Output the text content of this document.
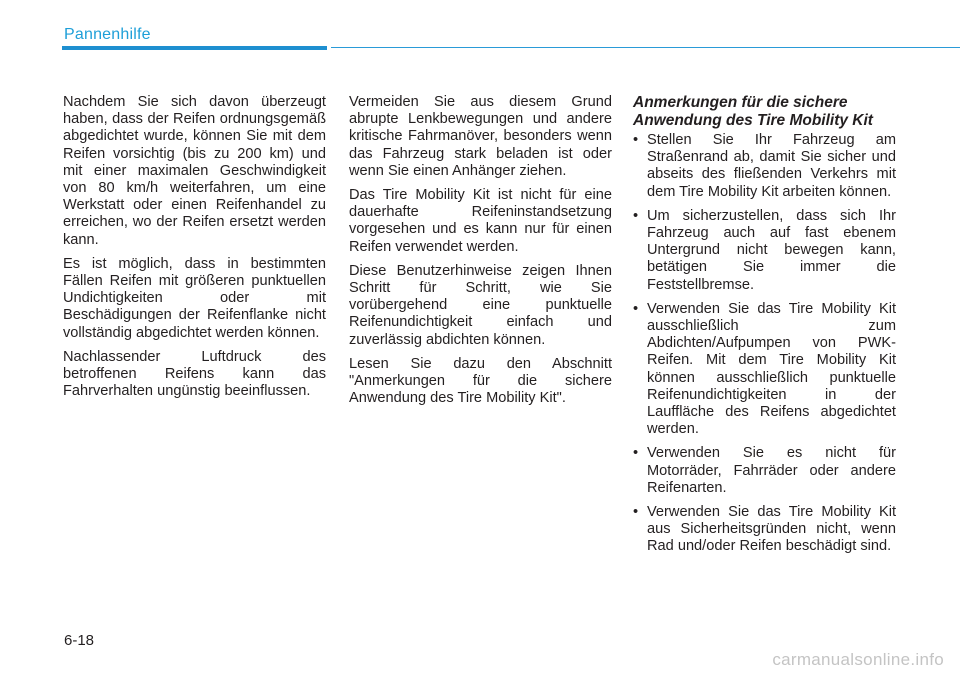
Pannenhilfe

Nachdem Sie sich davon überzeugt haben, dass der Reifen ordnungsgemäß abgedichtet wurde, können Sie mit dem Reifen vorsichtig (bis zu 200 km) und mit einer maximalen Geschwindigkeit von 80 km/h weiterfahren, um eine Werkstatt oder einen Reifenhandel zu erreichen, wo der Reifen ersetzt werden kann.

Es ist möglich, dass in bestimmten Fällen Reifen mit größeren punktuellen Undichtigkeiten oder mit Beschädigungen der Reifenflanke nicht vollständig abgedichtet werden können.

Nachlassender Luftdruck des betroffenen Reifens kann das Fahrverhalten ungünstig beeinflussen.

Vermeiden Sie aus diesem Grund abrupte Lenkbewegungen und andere kritische Fahrmanöver, besonders wenn das Fahrzeug stark beladen ist oder wenn Sie einen Anhänger ziehen.

Das Tire Mobility Kit ist nicht für eine dauerhafte Reifeninstandsetzung vorgesehen und es kann nur für einen Reifen verwendet werden.

Diese Benutzerhinweise zeigen Ihnen Schritt für Schritt, wie Sie vorübergehend eine punktuelle Reifenundichtigkeit einfach und zuverlässig abdichten können.

Lesen Sie dazu den Abschnitt "Anmerkungen für die sichere Anwendung des Tire Mobility Kit".

Anmerkungen für die sichere Anwendung des Tire Mobility Kit
• Stellen Sie Ihr Fahrzeug am Straßenrand ab, damit Sie sicher und abseits des fließenden Verkehrs mit dem Tire Mobility Kit arbeiten können.
• Um sicherzustellen, dass sich Ihr Fahrzeug auch auf fast ebenem Untergrund nicht bewegen kann, betätigen Sie immer die Feststellbremse.
• Verwenden Sie das Tire Mobility Kit ausschließlich zum Abdichten/Aufpumpen von PWK-Reifen. Mit dem Tire Mobility Kit können ausschließlich punktuelle Reifenundichtigkeiten in der Lauffläche des Reifens abgedichtet werden.
• Verwenden Sie es nicht für Motorräder, Fahrräder oder andere Reifenarten.
• Verwenden Sie das Tire Mobility Kit aus Sicherheitsgründen nicht, wenn Rad und/oder Reifen beschädigt sind.
6-18
carmanualsonline.info
